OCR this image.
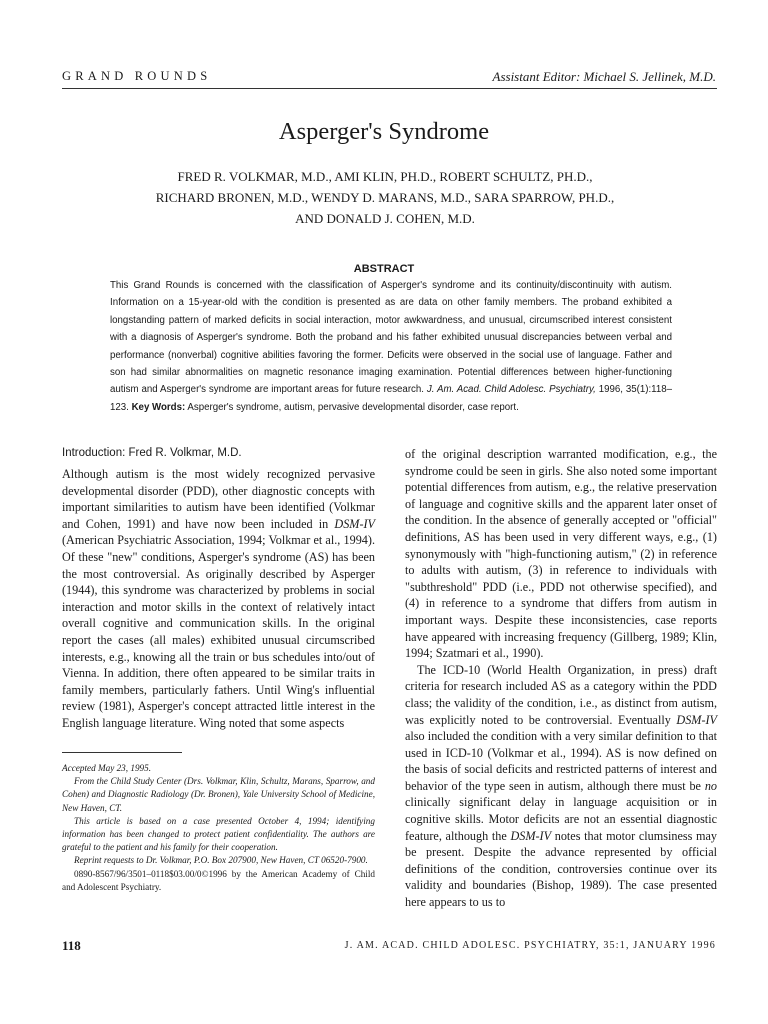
GRAND ROUNDS	Assistant Editor: Michael S. Jellinek, M.D.
Asperger's Syndrome
FRED R. VOLKMAR, M.D., AMI KLIN, PH.D., ROBERT SCHULTZ, PH.D.,
RICHARD BRONEN, M.D., WENDY D. MARANS, M.D., SARA SPARROW, PH.D.,
AND DONALD J. COHEN, M.D.
ABSTRACT
This Grand Rounds is concerned with the classification of Asperger's syndrome and its continuity/discontinuity with autism. Information on a 15-year-old with the condition is presented as are data on other family members. The proband exhibited a longstanding pattern of marked deficits in social interaction, motor awkwardness, and unusual, circumscribed interest consistent with a diagnosis of Asperger's syndrome. Both the proband and his father exhibited unusual discrepancies between verbal and performance (nonverbal) cognitive abilities favoring the former. Deficits were observed in the social use of language. Father and son had similar abnormalities on magnetic resonance imaging examination. Potential differences between higher-functioning autism and Asperger's syndrome are important areas for future research. J. Am. Acad. Child Adolesc. Psychiatry, 1996, 35(1):118–123. Key Words: Asperger's syndrome, autism, pervasive developmental disorder, case report.
Introduction: Fred R. Volkmar, M.D.

Although autism is the most widely recognized pervasive developmental disorder (PDD), other diagnostic concepts with important similarities to autism have been identified (Volkmar and Cohen, 1991) and have now been included in DSM-IV (American Psychiatric Association, 1994; Volkmar et al., 1994). Of these "new" conditions, Asperger's syndrome (AS) has been the most controversial. As originally described by Asperger (1944), this syndrome was characterized by problems in social interaction and motor skills in the context of relatively intact overall cognitive and communication skills. In the original report the cases (all males) exhibited unusual circumscribed interests, e.g., knowing all the train or bus schedules into/out of Vienna. In addition, there often appeared to be similar traits in family members, particularly fathers. Until Wing's influential review (1981), Asperger's concept attracted little interest in the English language literature. Wing noted that some aspects

Accepted May 23, 1995.

From the Child Study Center (Drs. Volkmar, Klin, Schultz, Marans, Sparrow, and Cohen) and Diagnostic Radiology (Dr. Bronen), Yale University School of Medicine, New Haven, CT.

This article is based on a case presented October 4, 1994; identifying information has been changed to protect patient confidentiality. The authors are grateful to the patient and his family for their cooperation.

Reprint requests to Dr. Volkmar, P.O. Box 207900, New Haven, CT 06520-7900.

0890-8567/96/3501–0118$03.00/0©1996 by the American Academy of Child and Adolescent Psychiatry.

of the original description warranted modification, e.g., the syndrome could be seen in girls. She also noted some important potential differences from autism, e.g., the relative preservation of language and cognitive skills and the apparent later onset of the condition. In the absence of generally accepted or "official" definitions, AS has been used in very different ways, e.g., (1) synonymously with "high-functioning autism," (2) in reference to adults with autism, (3) in reference to individuals with "subthreshold" PDD (i.e., PDD not otherwise specified), and (4) in reference to a syndrome that differs from autism in important ways. Despite these inconsistencies, case reports have appeared with increasing frequency (Gillberg, 1989; Klin, 1994; Szatmari et al., 1990).

The ICD-10 (World Health Organization, in press) draft criteria for research included AS as a category within the PDD class; the validity of the condition, i.e., as distinct from autism, was explicitly noted to be controversial. Eventually DSM-IV also included the condition with a very similar definition to that used in ICD-10 (Volkmar et al., 1994). AS is now defined on the basis of social deficits and restricted patterns of interest and behavior of the type seen in autism, although there must be no clinically significant delay in language acquisition or in cognitive skills. Motor deficits are not an essential diagnostic feature, although the DSM-IV notes that motor clumsiness may be present. Despite the advance represented by official definitions of the condition, controversies continue over its validity and boundaries (Bishop, 1989). The case presented here appears to us to

118	J. AM. ACAD. CHILD ADOLESC. PSYCHIATRY, 35:1, JANUARY 1996
